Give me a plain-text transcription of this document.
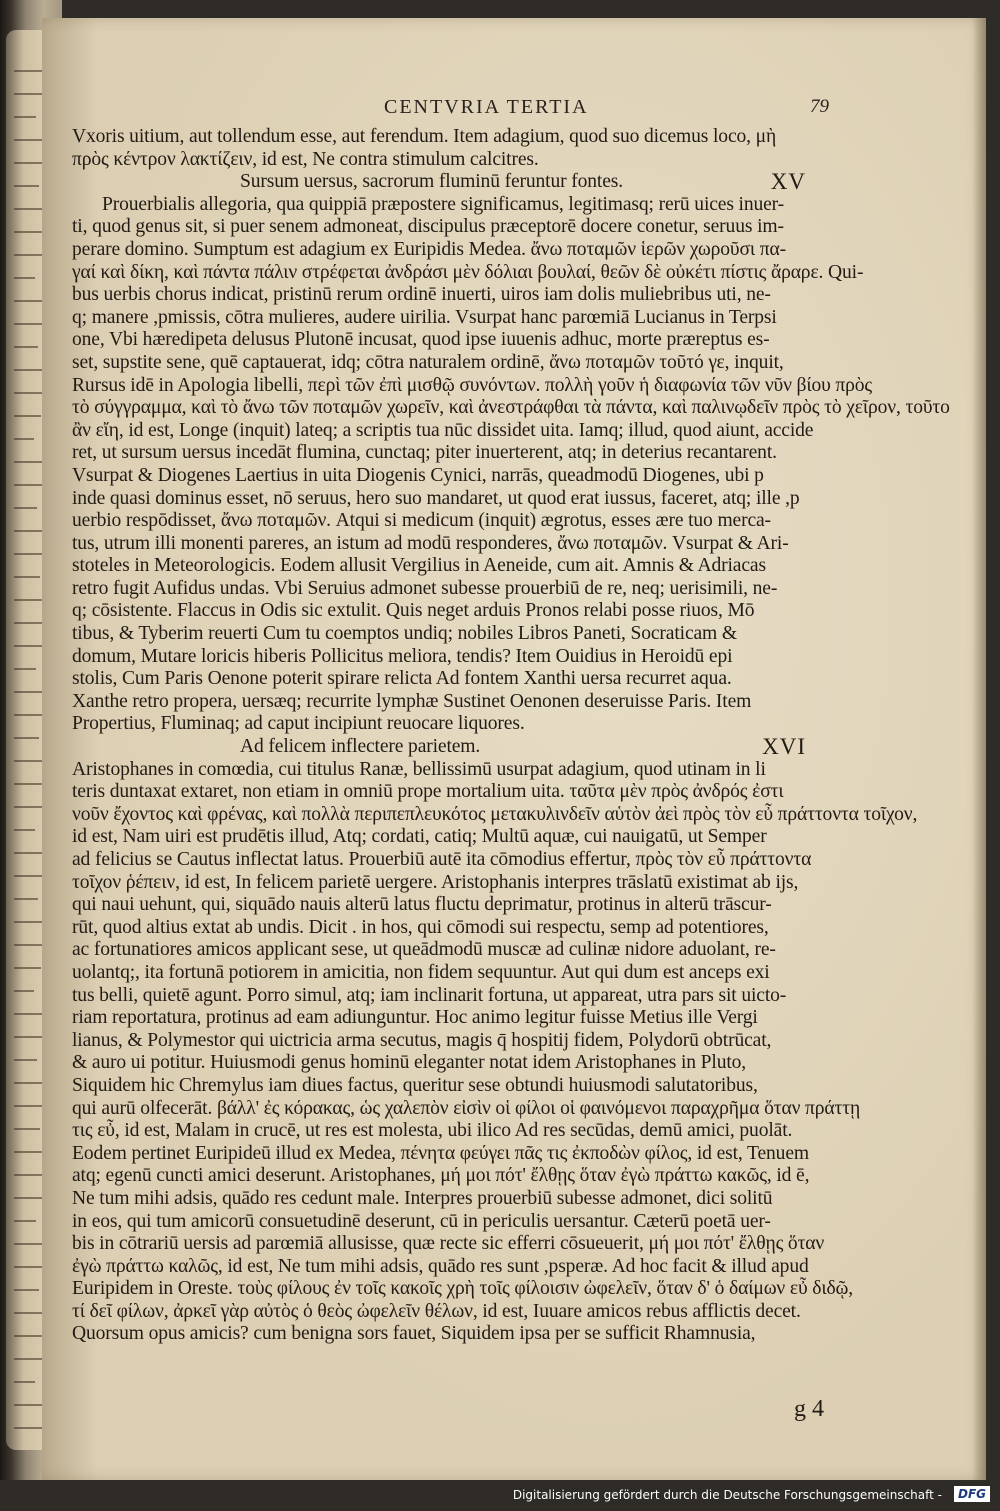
CENTVRIA TERTIA	79
Vxoris uitium, aut tollendum esse, aut ferendum. Item adagium, quod suo dicemus loco, μὴ
πρὸς κέντρον λακτίζειν, id est, Ne contra stimulum calcitres.
Sursum uersus, sacrorum fluminū feruntur fontes.	XV
Prouerbialis allegoria, qua quippiā præpostere significamus, legitimasq; rerū uices inuer-
ti, quod genus sit, si puer senem admoneat, discipulus præceptorē docere conetur, seruus im-
perare domino. Sumptum est adagium ex Euripidis Medea. ἄνω ποταμῶν ἱερῶν χωροῦσι πα-
γαί καὶ δίκη, καὶ πάντα πάλιν στρέφεται ἀνδράσι μὲν δόλιαι βουλαί, θεῶν δὲ οὐκέτι πίστις ἄραρε. Qui-
bus uerbis chorus indicat, pristinū rerum ordinē inuerti, uiros iam dolis muliebribus uti, ne-
q; manere ,pmissis, cōtra mulieres, audere uirilia. Vsurpat hanc parœmiā Lucianus in Terpsi
one, Vbi hæredipeta delusus Plutonē incusat, quod ipse iuuenis adhuc, morte præreptus es-
set, supstite sene, quē captauerat, idq; cōtra naturalem ordinē, ἄνω ποταμῶν τοῦτό γε, inquit,
Rursus idē in Apologia libelli, περὶ τῶν ἐπὶ μισθῷ συνόντων. πολλὴ γοῦν ἡ διαφωνία τῶν νῦν βίου πρὸς
τὸ σύγγραμμα, καὶ τὸ ἄνω τῶν ποταμῶν χωρεῖν, καὶ ἀνεστράφθαι τὰ πάντα, καὶ παλινῳδεῖν πρὸς τὸ χεῖρον, τοῦτο
ἂν εἴη, id est, Longe (inquit) lateq; a scriptis tua nūc dissidet uita. Iamq; illud, quod aiunt, accide
ret, ut sursum uersus incedāt flumina, cunctaq; piter inuerterent, atq; in deterius recantarent.
Vsurpat & Diogenes Laertius in uita Diogenis Cynici, narrās, queadmodū Diogenes, ubi p
inde quasi dominus esset, nō seruus, hero suo mandaret, ut quod erat iussus, faceret, atq; ille ,p
uerbio respōdisset, ἄνω ποταμῶν. Atqui si medicum (inquit) ægrotus, esses ære tuo merca-
tus, utrum illi monenti pareres, an istum ad modū responderes, ἄνω ποταμῶν. Vsurpat & Ari-
stoteles in Meteorologicis. Eodem allusit Vergilius in Aeneide, cum ait. Amnis & Adriacas
retro fugit Aufidus undas. Vbi Seruius admonet subesse prouerbiū de re, neq; uerisimili, ne-
q; cōsistente. Flaccus in Odis sic extulit. Quis neget arduis Pronos relabi posse riuos, Mō
tibus, & Tyberim reuerti Cum tu coemptos undiq; nobiles Libros Paneti, Socraticam &
domum, Mutare loricis hiberis Pollicitus meliora, tendis? Item Ouidius in Heroidū epi
stolis, Cum Paris Oenone poterit spirare relicta Ad fontem Xanthi uersa recurret aqua.
Xanthe retro propera, uersæq; recurrite lymphæ Sustinet Oenonen deseruisse Paris. Item
Propertius, Fluminaq; ad caput incipiunt reuocare liquores.
Ad felicem inflectere parietem.	XVI
Aristophanes in comœdia, cui titulus Ranæ, bellissimū usurpat adagium, quod utinam in li
teris duntaxat extaret, non etiam in omniū prope mortalium uita. ταῦτα μὲν πρὸς ἀνδρός ἐστι
νοῦν ἔχοντος καὶ φρένας, καὶ πολλὰ περιπεπλευκότος μετακυλινδεῖν αὑτὸν ἀεὶ πρὸς τὸν εὖ πράττοντα τοῖχον,
id est, Nam uiri est prudētis illud, Atq; cordati, catiq; Multū aquæ, cui nauigatū, ut Semper
ad felicius se Cautus inflectat latus. Prouerbiū autē ita cōmodius effertur, πρὸς τὸν εὖ πράττοντα
τοῖχον ῥέπειν, id est, In felicem parietē uergere. Aristophanis interpres trāslatū existimat ab ijs,
qui naui uehunt, qui, siquādo nauis alterū latus fluctu deprimatur, protinus in alterū trāscur-
rūt, quod altius extat ab undis. Dicit . in hos, qui cōmodi sui respectu, semp ad potentiores,
ac fortunatiores amicos applicant sese, ut queādmodū muscæ ad culinæ nidore aduolant, re-
uolantq;, ita fortunā potiorem in amicitia, non fidem sequuntur. Aut qui dum est anceps exi
tus belli, quietē agunt. Porro simul, atq; iam inclinarit fortuna, ut appareat, utra pars sit uicto-
riam reportatura, protinus ad eam adiunguntur. Hoc animo legitur fuisse Metius ille Vergi
lianus, & Polymestor qui uictricia arma secutus, magis q̄ hospitij fidem, Polydorū obtrūcat,
& auro ui potitur. Huiusmodi genus hominū eleganter notat idem Aristophanes in Pluto,
Siquidem hic Chremylus iam diues factus, queritur sese obtundi huiusmodi salutatoribus,
qui aurū olfecerāt. βάλλ' ἐς κόρακας, ὡς χαλεπὸν εἰσὶν οἱ φίλοι οἱ φαινόμενοι παραχρῆμα ὅταν πράττῃ
τις εὖ, id est, Malam in crucē, ut res est molesta, ubi ilico Ad res secūdas, demū amici, puolāt.
Eodem pertinet Euripideū illud ex Medea, πένητα φεύγει πᾶς τις ἐκποδὼν φίλος, id est, Tenuem
atq; egenū cuncti amici deserunt. Aristophanes, μή μοι πότ' ἔλθῃς ὅταν ἐγὼ πράττω κακῶς, id ē,
Ne tum mihi adsis, quādo res cedunt male. Interpres prouerbiū subesse admonet, dici solitū
in eos, qui tum amicorū consuetudinē deserunt, cū in periculis uersantur. Cæterū poetā uer-
bis in cōtrariū uersis ad parœmiā allusisse, quæ recte sic efferri cōsueuerit, μή μοι πότ' ἔλθῃς ὅταν
ἐγὼ πράττω καλῶς, id est, Ne tum mihi adsis, quādo res sunt ,psperæ. Ad hoc facit & illud apud
Euripidem in Oreste. τοὺς φίλους ἐν τοῖς κακοῖς χρὴ τοῖς φίλοισιν ὠφελεῖν, ὅταν δ' ὁ δαίμων εὖ διδῷ,
τί δεῖ φίλων, ἀρκεῖ γὰρ αὐτὸς ὁ θεὸς ὠφελεῖν θέλων, id est, Iuuare amicos rebus afflictis decet.
Quorsum opus amicis? cum benigna sors fauet, Siquidem ipsa per se sufficit Rhamnusia,
g 4
Digitalisierung gefördert durch die Deutsche Forschungsgemeinschaft -	DFG
